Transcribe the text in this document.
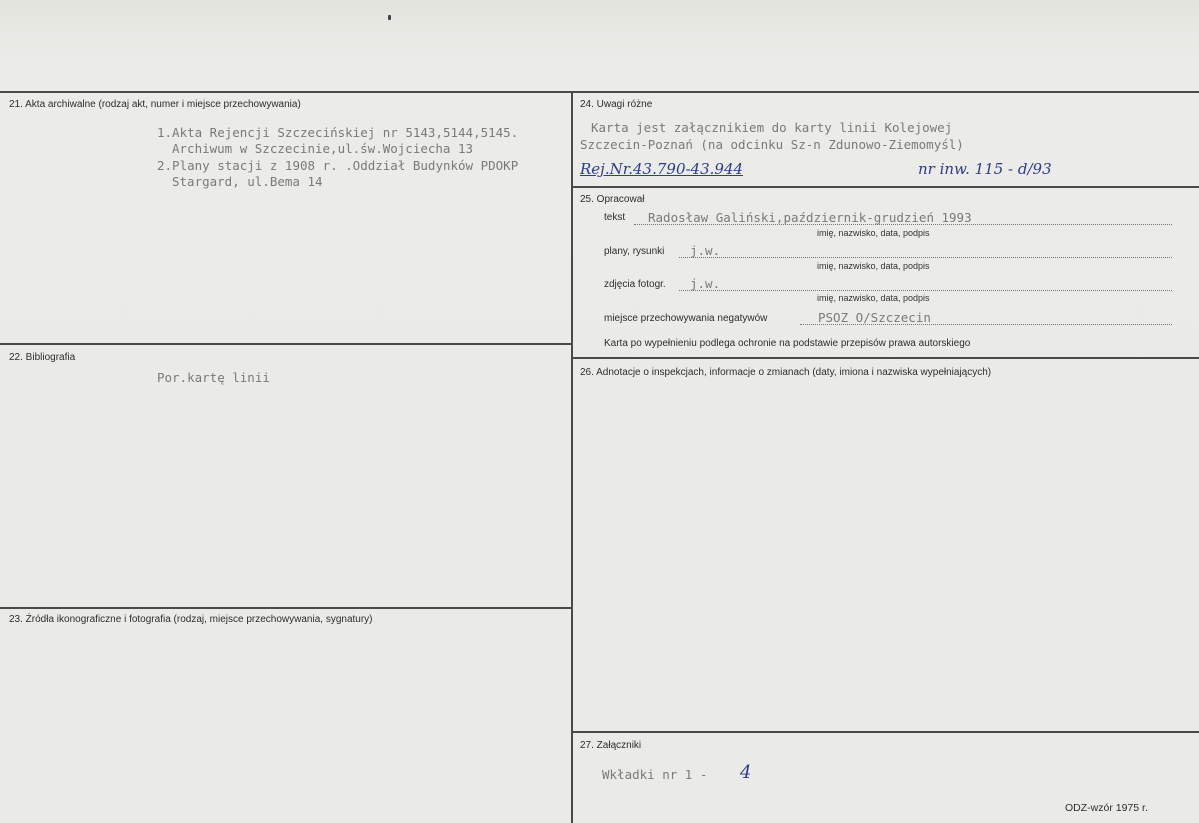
21. Akta archiwalne (rodzaj akt, numer i miejsce przechowywania)
1.Akta Rejencji Szczecińskiej nr 5143,5144,5145.
Archiwum w Szczecinie,ul.św.Wojciecha 13
2.Plany stacji z 1908 r. .Oddział Budynków PDOKP
Stargard, ul.Bema 14
22. Bibliografia
Por.kartę linii
23. Źródła ikonograficzne i fotografia (rodzaj, miejsce przechowywania, sygnatury)
24. Uwagi różne
Karta jest załącznikiem do karty linii Kolejowej
Szczecin-Poznań (na odcinku Sz-n Zdunowo-Ziemomyśl)
Rej.Nr.43.790-43.944	nr inw. 115 - d/93
25. Opracował
tekst Radosław Galiński,październik-grudzień 1993
imię, nazwisko, data, podpis
plany, rysunki j.w.
imię, nazwisko, data, podpis
zdjęcia fotogr. j.w.
imię, nazwisko, data, podpis
miejsce przechowywania negatywów	PSOZ O/Szczecin
Karta po wypełnieniu podlega ochronie na podstawie przepisów prawa autorskiego
26. Adnotacje o inspekcjach, informacje o zmianach (daty, imiona i nazwiska wypełniających)
27. Załączniki
Wkładki nr 1 - 4
ODZ-wzór 1975 r.
